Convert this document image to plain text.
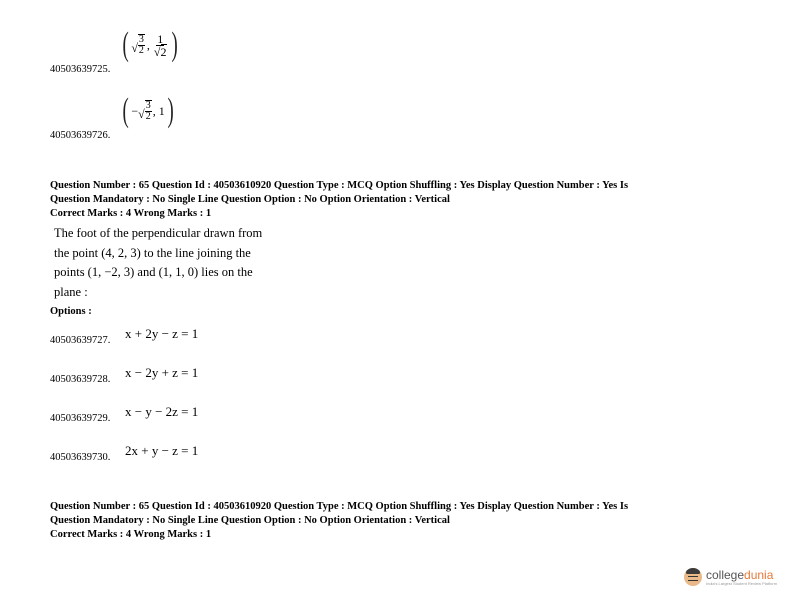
( √
3
2 , $\frac{1}{√2}$ )
40503639725.
( − √
3
2 , 1 )
40503639726.
Question Number : 65 Question Id : 40503610920 Question Type : MCQ Option Shuffling : Yes Display Question Number : Yes Is
Question Mandatory : No Single Line Question Option : No Option Orientation : Vertical
Correct Marks : 4 Wrong Marks : 1
The foot of the perpendicular drawn from
the point (4, 2, 3) to the line joining the
points (1, −2, 3) and (1, 1, 0) lies on the
plane :
Options :
x + 2y − z = 1
40503639727.
x − 2y + z = 1
40503639728.
x − y − 2z = 1
40503639729.
2x + y − z = 1
40503639730.
Question Number : 65 Question Id : 40503610920 Question Type : MCQ Option Shuffling : Yes Display Question Number : Yes Is
Question Mandatory : No Single Line Question Option : No Option Orientation : Vertical
Correct Marks : 4 Wrong Marks : 1
collegedunia
India's Largest Student Review Platform
